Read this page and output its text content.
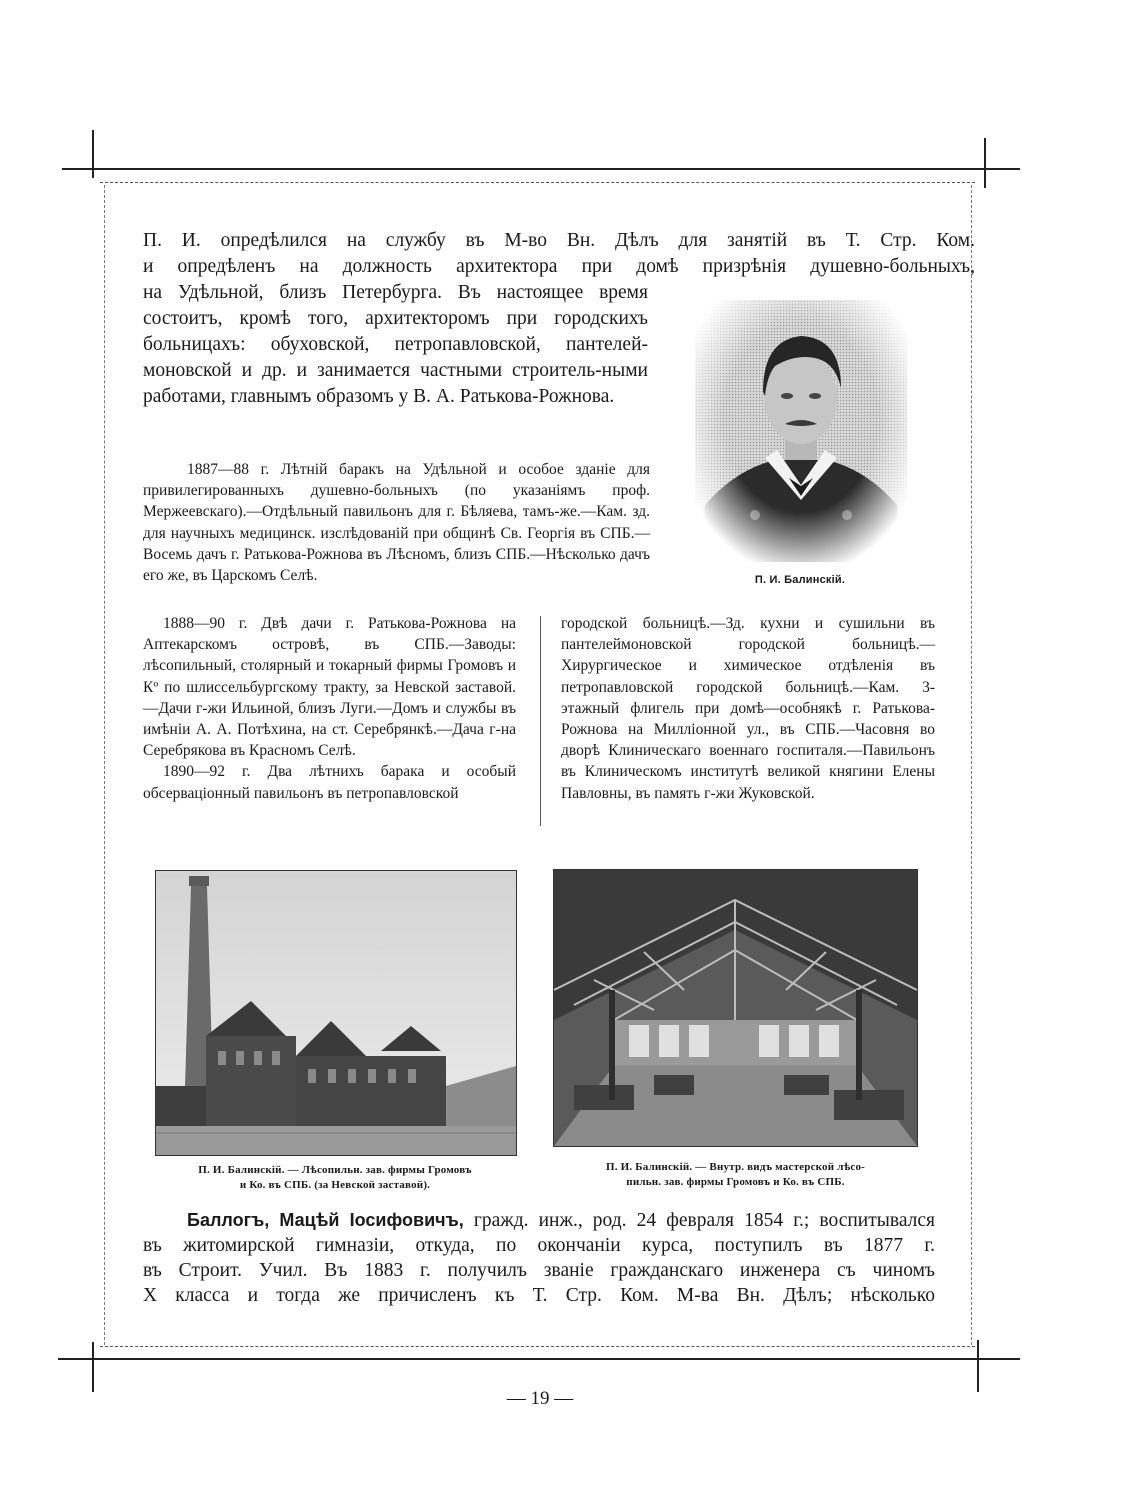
П. И. опредѣлился на службу въ М-во Вн. Дѣлъ для занятій въ Т. Стр. Ком.
и опредѣленъ на должность архитектора при домѣ призрѣнія душевно-больныхъ,
на Удѣльной, близъ Петербурга. Въ настоящее время состоитъ, кромѣ того, архитекторомъ при городскихъ больницахъ: обуховской, петропавловской, пантелей-моновской и др. и занимается частными строитель-ными работами, главнымъ образомъ у В. А. Ратькова-Рожнова.
П. И. Балинскій.

1887—88 г. Лѣтній баракъ на Удѣльной и особое зданіе для привилегированныхъ душевно-больныхъ (по указаніямъ проф. Мержеевскаго).—Отдѣльный павильонъ для г. Бѣляева, тамъ-же.—Кам. зд. для научныхъ медицинск. изслѣдованій при общинѣ Св. Георгія въ СПБ.—Восемь дачъ г. Ратькова-Рожнова въ Лѣсномъ, близъ СПБ.—Нѣсколько дачъ его же, въ Царскомъ Селѣ.

1888—90 г. Двѣ дачи г. Ратькова-Рожнова на Аптекарскомъ островѣ, въ СПБ.—Заводы: лѣсопильный, столярный и токарный фирмы Громовъ и Кº по шлиссельбургскому тракту, за Невской заставой.—Дачи г-жи Ильиной, близъ Луги.—Домъ и службы въ имѣніи А. А. Потѣхина, на ст. Серебрянкѣ.—Дача г-на Серебрякова въ Красномъ Селѣ.

1890—92 г. Два лѣтнихъ барака и особый обсерваціонный павильонъ въ петропавловской

городской больницѣ.—Зд. кухни и сушильни въ пантелеймоновской городской больницѣ.—Хирургическое и химическое отдѣленія въ петропавловской городской больницѣ.—Кам. 3-этажный флигель при домѣ—особнякѣ г. Ратькова-Рожнова на Милліонной ул., въ СПБ.—Часовня во дворѣ Клиническаго военнаго госпиталя.—Павильонъ въ Клиническомъ институтѣ великой княгини Елены Павловны, въ память г-жи Жуковской.

П. И. Балинскій. — Лѣсопильн. зав. фирмы Громовъ
и Ко. въ СПБ. (за Невской заставой).
П. И. Балинскій. — Внутр. видъ мастерской лѣсо-
пильн. зав. фирмы Громовъ и Ко. въ СПБ.
Баллогъ, Мацѣй Іосифовичъ, гражд. инж., род. 24 февраля 1854 г.; воспитывался
въ житомирской гимназіи, откуда, по окончаніи курса, поступилъ въ 1877 г.
въ Строит. Учил. Въ 1883 г. получилъ званіе гражданскаго инженера съ чиномъ
X класса и тогда же причисленъ къ Т. Стр. Ком. М-ва Вн. Дѣлъ; нѣсколько
— 19 —
